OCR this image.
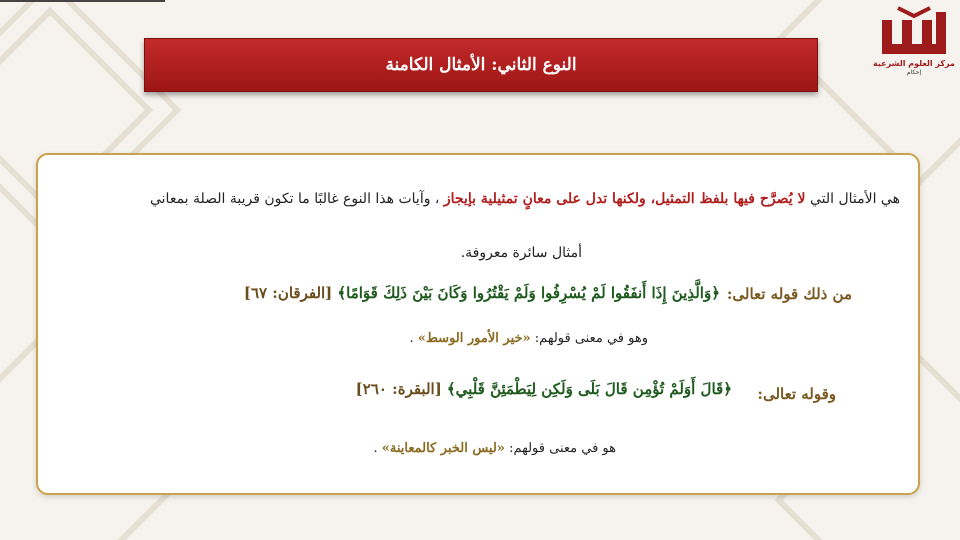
مركز العلوم الشرعية
إحكام
النوع الثاني: الأمثال الكامنة
هي الأمثال التي لا يُصرَّح فيها بلفظ التمثيل، ولكنها تدل على معانٍ تمثيلية بإيجاز ، وآيات هذا النوع غالبًا ما تكون قريبة الصلة بمعاني
أمثال سائرة معروفة.
من ذلك قوله تعالى:
﴿وَالَّذِينَ إِذَا أَنفَقُوا لَمْ يُسْرِفُوا وَلَمْ يَقْتُرُوا وَكَانَ بَيْنَ ذَلِكَ قَوَامًا﴾ [الفرقان: ٦٧]
وهو في معنى قولهم: «خير الأمور الوسط» .
وقوله تعالى:
﴿قَالَ أَوَلَمْ تُؤْمِن قَالَ بَلَى وَلَكِن لِيَطْمَئِنَّ قَلْبِي﴾ [البقرة: ٢٦٠]
هو في معنى قولهم: «ليس الخبر كالمعاينة» .
